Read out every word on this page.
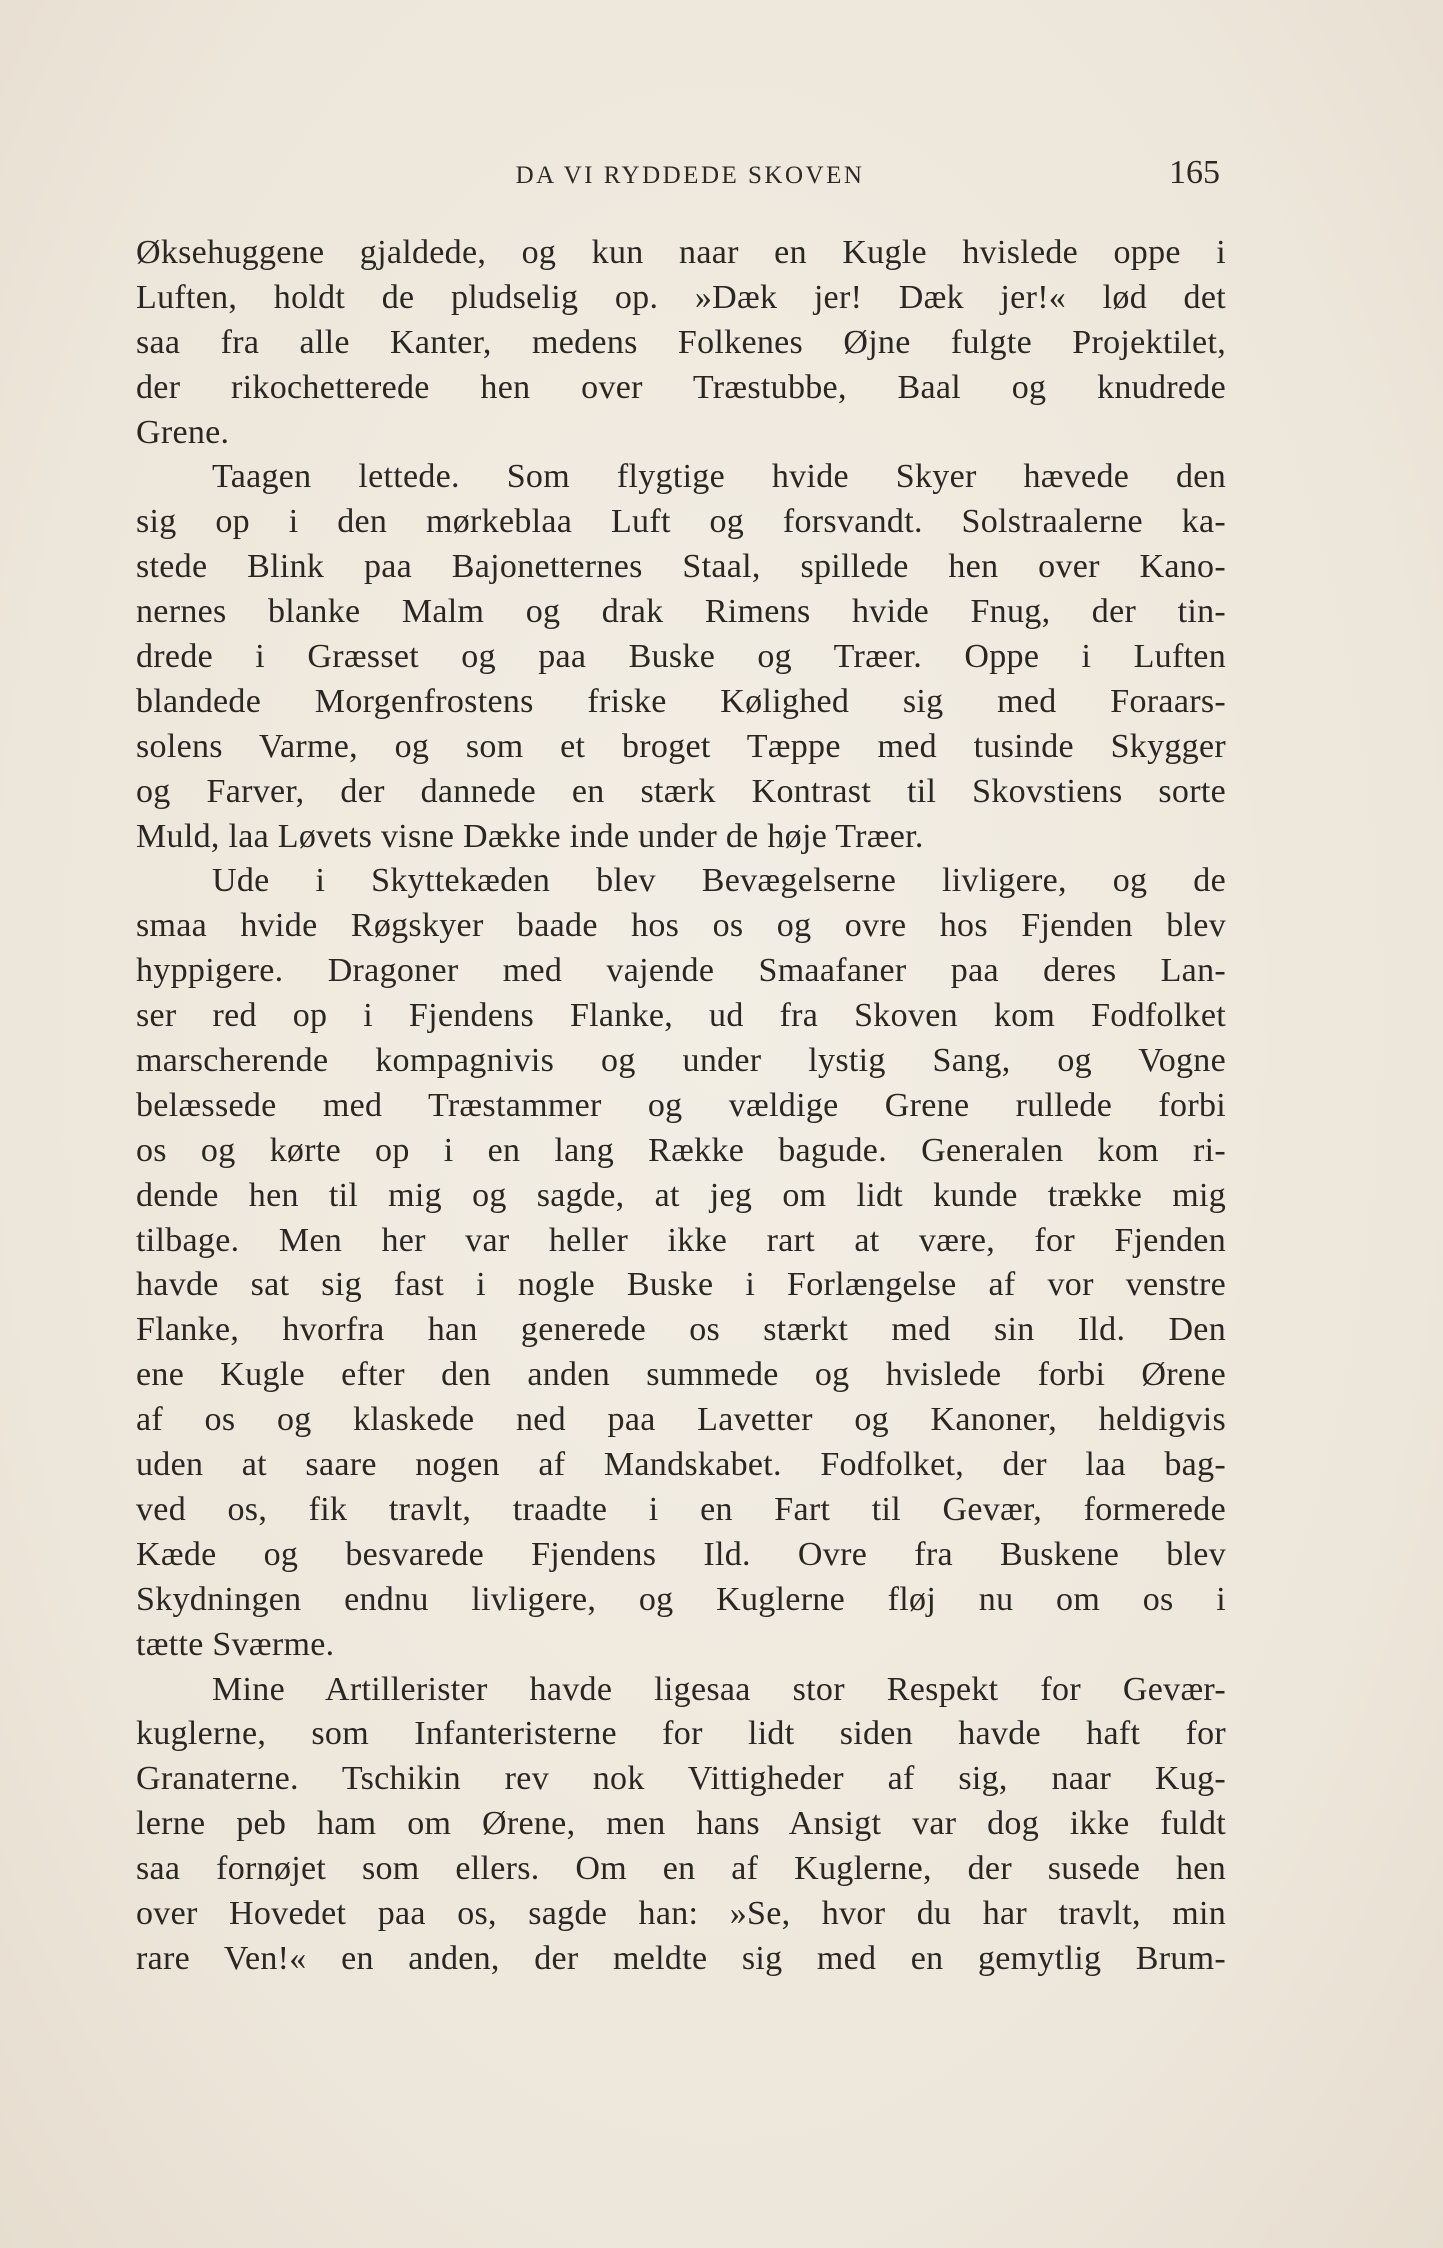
DA VI RYDDEDE SKOVEN	165
Øksehuggene gjaldede, og kun naar en Kugle hvislede oppe i
Luften, holdt de pludselig op. »Dæk jer! Dæk jer!« lød det
saa fra alle Kanter, medens Folkenes Øjne fulgte Projektilet,
der rikochetterede hen over Træstubbe, Baal og knudrede
Grene.
Taagen lettede. Som flygtige hvide Skyer hævede den
sig op i den mørkeblaa Luft og forsvandt. Solstraalerne ka-
stede Blink paa Bajonetternes Staal, spillede hen over Kano-
nernes blanke Malm og drak Rimens hvide Fnug, der tin-
drede i Græsset og paa Buske og Træer. Oppe i Luften
blandede Morgenfrostens friske Kølighed sig med Foraars-
solens Varme, og som et broget Tæppe med tusinde Skygger
og Farver, der dannede en stærk Kontrast til Skovstiens sorte
Muld, laa Løvets visne Dække inde under de høje Træer.
Ude i Skyttekæden blev Bevægelserne livligere, og de
smaa hvide Røgskyer baade hos os og ovre hos Fjenden blev
hyppigere. Dragoner med vajende Smaafaner paa deres Lan-
ser red op i Fjendens Flanke, ud fra Skoven kom Fodfolket
marscherende kompagnivis og under lystig Sang, og Vogne
belæssede med Træstammer og vældige Grene rullede forbi
os og kørte op i en lang Række bagude. Generalen kom ri-
dende hen til mig og sagde, at jeg om lidt kunde trække mig
tilbage. Men her var heller ikke rart at være, for Fjenden
havde sat sig fast i nogle Buske i Forlængelse af vor venstre
Flanke, hvorfra han generede os stærkt med sin Ild. Den
ene Kugle efter den anden summede og hvislede forbi Ørene
af os og klaskede ned paa Lavetter og Kanoner, heldigvis
uden at saare nogen af Mandskabet. Fodfolket, der laa bag-
ved os, fik travlt, traadte i en Fart til Gevær, formerede
Kæde og besvarede Fjendens Ild. Ovre fra Buskene blev
Skydningen endnu livligere, og Kuglerne fløj nu om os i
tætte Sværme.
Mine Artillerister havde ligesaa stor Respekt for Gevær-
kuglerne, som Infanteristerne for lidt siden havde haft for
Granaterne. Tschikin rev nok Vittigheder af sig, naar Kug-
lerne peb ham om Ørene, men hans Ansigt var dog ikke fuldt
saa fornøjet som ellers. Om en af Kuglerne, der susede hen
over Hovedet paa os, sagde han: »Se, hvor du har travlt, min
rare Ven!« en anden, der meldte sig med en gemytlig Brum-
